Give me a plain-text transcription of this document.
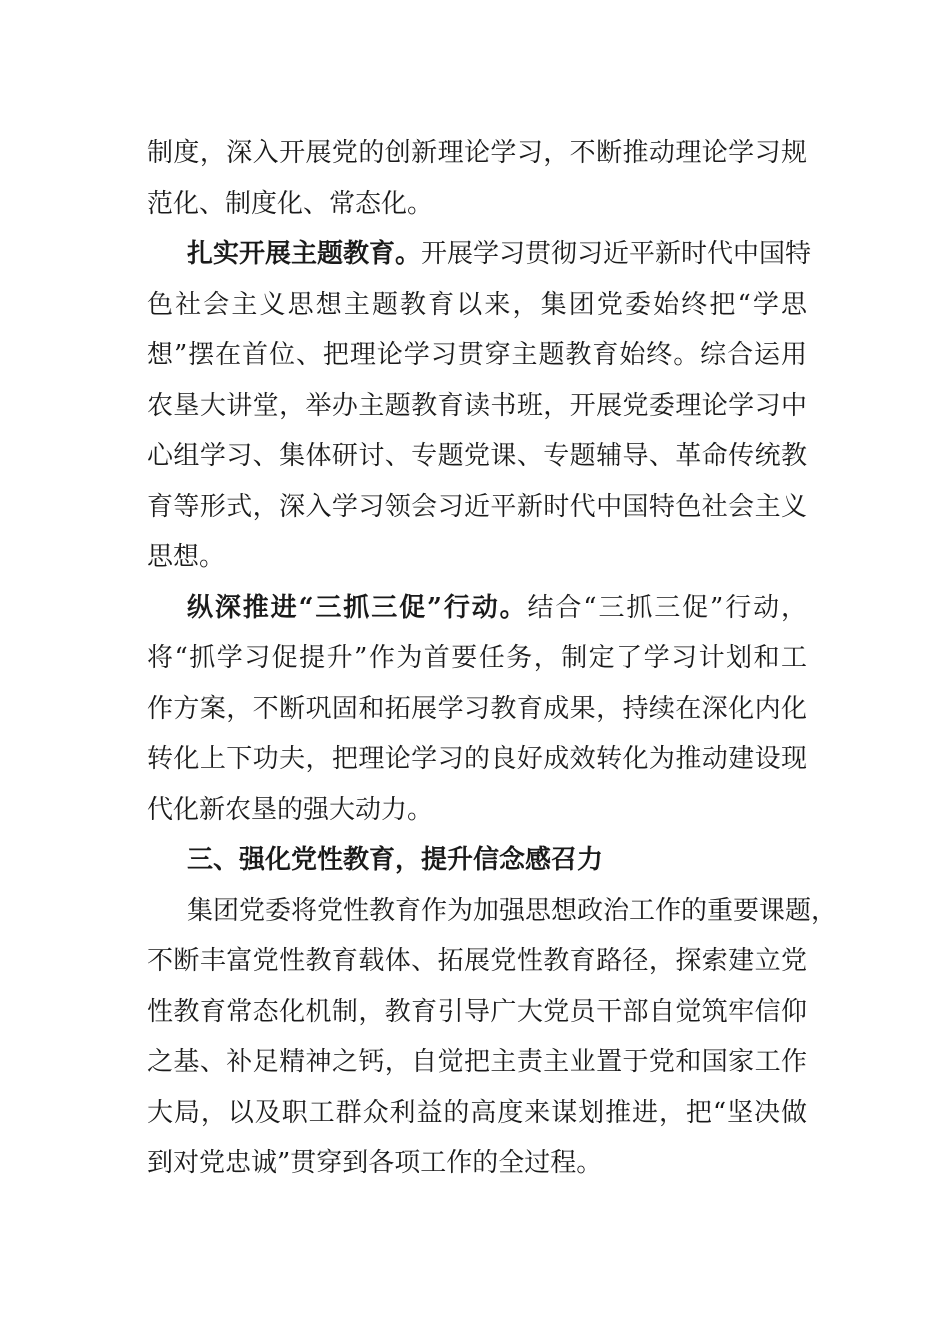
制度，深入开展党的创新理论学习，不断推动理论学习规
范化、制度化、常态化。
扎实开展主题教育。开展学习贯彻习近平新时代中国特
色社会主义思想主题教育以来，集团党委始终把“学思
想”摆在首位、把理论学习贯穿主题教育始终。综合运用
农垦大讲堂，举办主题教育读书班，开展党委理论学习中
心组学习、集体研讨、专题党课、专题辅导、革命传统教
育等形式，深入学习领会习近平新时代中国特色社会主义
思想。
纵深推进“三抓三促”行动。结合“三抓三促”行动，
将“抓学习促提升”作为首要任务，制定了学习计划和工
作方案，不断巩固和拓展学习教育成果，持续在深化内化
转化上下功夫，把理论学习的良好成效转化为推动建设现
代化新农垦的强大动力。
三、强化党性教育，提升信念感召力
集团党委将党性教育作为加强思想政治工作的重要课题，
不断丰富党性教育载体、拓展党性教育路径，探索建立党
性教育常态化机制，教育引导广大党员干部自觉筑牢信仰
之基、补足精神之钙，自觉把主责主业置于党和国家工作
大局，以及职工群众利益的高度来谋划推进，把“坚决做
到对党忠诚”贯穿到各项工作的全过程。
